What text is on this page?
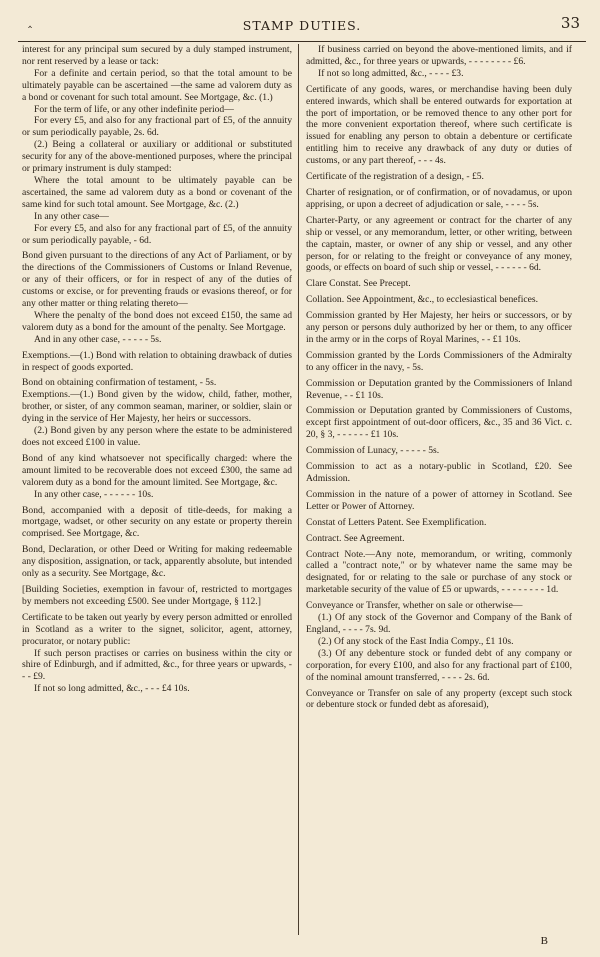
‸	STAMP DUTIES.	33

interest for any principal sum secured by a duly stamped instrument, nor rent reserved by a lease or tack:

For a definite and certain period, so that the total amount to be ultimately payable can be ascertained —the same ad valorem duty as a bond or covenant for such total amount. See Mortgage, &c. (1.)

For the term of life, or any other indefinite period—

For every £5, and also for any fractional part of £5, of the annuity or sum periodically payable, 2s. 6d.

(2.) Being a collateral or auxiliary or additional or substituted security for any of the above-mentioned purposes, where the principal or primary instrument is duly stamped:

Where the total amount to be ultimately payable can be ascertained, the same ad valorem duty as a bond or covenant of the same kind for such total amount. See Mortgage, &c. (2.)

In any other case—

For every £5, and also for any fractional part of £5, of the annuity or sum periodically payable, - 6d.

Bond given pursuant to the directions of any Act of Parliament, or by the directions of the Commissioners of Customs or Inland Revenue, or any of their officers, or for in respect of any of the duties of customs or excise, or for preventing frauds or evasions thereof, or for any other matter or thing relating thereto—

Where the penalty of the bond does not exceed £150, the same ad valorem duty as a bond for the amount of the penalty. See Mortgage.

And in any other case, - - - - - 5s.

Exemptions.—(1.) Bond with relation to obtaining drawback of duties in respect of goods exported.

Bond on obtaining confirmation of testament, - 5s.

Exemptions.—(1.) Bond given by the widow, child, father, mother, brother, or sister, of any common seaman, mariner, or soldier, slain or dying in the service of Her Majesty, her heirs or successors.

(2.) Bond given by any person where the estate to be administered does not exceed £100 in value.

Bond of any kind whatsoever not specifically charged: where the amount limited to be recoverable does not exceed £300, the same ad valorem duty as a bond for the amount limited. See Mortgage, &c.

In any other case, - - - - - - 10s.

Bond, accompanied with a deposit of title-deeds, for making a mortgage, wadset, or other security on any estate or property therein comprised. See Mortgage, &c.

Bond, Declaration, or other Deed or Writing for making redeemable any disposition, assignation, or tack, apparently absolute, but intended only as a security. See Mortgage, &c.

[Building Societies, exemption in favour of, restricted to mortgages by members not exceeding £500. See under Mortgage, § 112.]

Certificate to be taken out yearly by every person admitted or enrolled in Scotland as a writer to the signet, solicitor, agent, attorney, procurator, or notary public:

If such person practises or carries on business within the city or shire of Edinburgh, and if admitted, &c., for three years or upwards, - - - £9.

If not so long admitted, &c., - - - £4 10s.

If business carried on beyond the above-mentioned limits, and if admitted, &c., for three years or upwards, - - - - - - - - £6.

If not so long admitted, &c., - - - - £3.

Certificate of any goods, wares, or merchandise having been duly entered inwards, which shall be entered outwards for exportation at the port of importation, or be removed thence to any other port for the more convenient exportation thereof, where such certificate is issued for enabling any person to obtain a debenture or certificate entitling him to receive any drawback of any duty or duties of customs, or any part thereof, - - - 4s.

Certificate of the registration of a design, - £5.

Charter of resignation, or of confirmation, or of novadamus, or upon apprising, or upon a decreet of adjudication or sale, - - - - 5s.

Charter-Party, or any agreement or contract for the charter of any ship or vessel, or any memorandum, letter, or other writing, between the captain, master, or owner of any ship or vessel, and any other person, for or relating to the freight or conveyance of any money, goods, or effects on board of such ship or vessel, - - - - - - 6d.

Clare Constat. See Precept.

Collation. See Appointment, &c., to ecclesiastical benefices.

Commission granted by Her Majesty, her heirs or successors, or by any person or persons duly authorized by her or them, to any officer in the army or in the corps of Royal Marines, - - £1 10s.

Commission granted by the Lords Commissioners of the Admiralty to any officer in the navy, - 5s.

Commission or Deputation granted by the Commissioners of Inland Revenue, - - £1 10s.

Commission or Deputation granted by Commissioners of Customs, except first appointment of out-door officers, &c., 35 and 36 Vict. c. 20, § 3, - - - - - - £1 10s.

Commission of Lunacy, - - - - - 5s.

Commission to act as a notary-public in Scotland, £20. See Admission.

Commission in the nature of a power of attorney in Scotland. See Letter or Power of Attorney.

Constat of Letters Patent. See Exemplification.

Contract. See Agreement.

Contract Note.—Any note, memorandum, or writing, commonly called a "contract note," or by whatever name the same may be designated, for or relating to the sale or purchase of any stock or marketable security of the value of £5 or upwards, - - - - - - - - 1d.

Conveyance or Transfer, whether on sale or otherwise—

(1.) Of any stock of the Governor and Company of the Bank of England, - - - - 7s. 9d.

(2.) Of any stock of the East India Compy., £1 10s.

(3.) Of any debenture stock or funded debt of any company or corporation, for every £100, and also for any fractional part of £100, of the nominal amount transferred, - - - - 2s. 6d.

Conveyance or Transfer on sale of any property (except such stock or debenture stock or funded debt as aforesaid),

B
